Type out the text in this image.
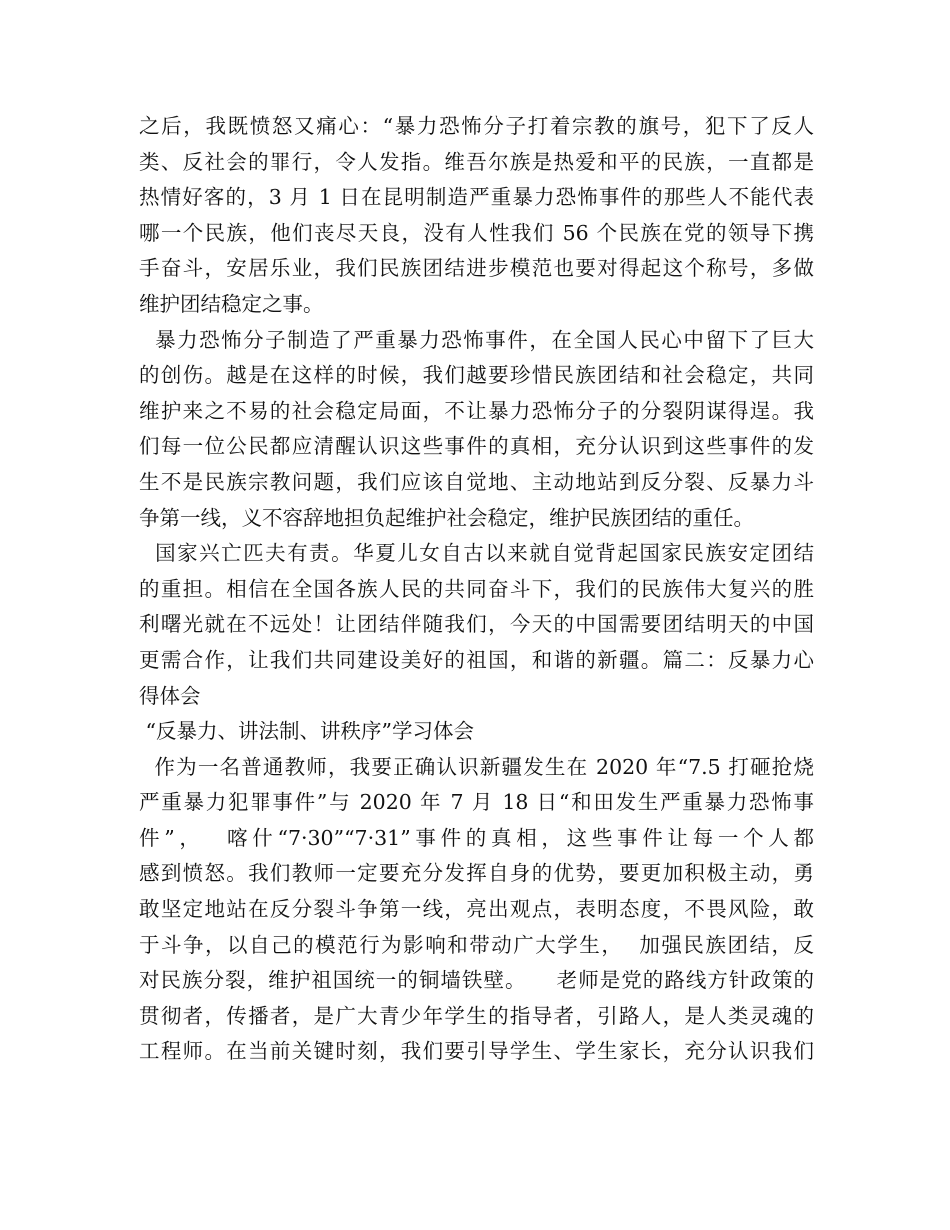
之后，我既愤怒又痛心：“暴力恐怖分子打着宗教的旗号，犯下了反人
类、反社会的罪行，令人发指。维吾尔族是热爱和平的民族，一直都是
热情好客的，3 月 1 日在昆明制造严重暴力恐怖事件的那些人不能代表
哪一个民族，他们丧尽天良，没有人性我们 56 个民族在党的领导下携
手奋斗，安居乐业，我们民族团结进步模范也要对得起这个称号，多做
维护团结稳定之事。
暴力恐怖分子制造了严重暴力恐怖事件，在全国人民心中留下了巨大
的创伤。越是在这样的时候，我们越要珍惜民族团结和社会稳定，共同
维护来之不易的社会稳定局面，不让暴力恐怖分子的分裂阴谋得逞。我
们每一位公民都应清醒认识这些事件的真相，充分认识到这些事件的发
生不是民族宗教问题，我们应该自觉地、主动地站到反分裂、反暴力斗
争第一线，义不容辞地担负起维护社会稳定，维护民族团结的重任。
国家兴亡匹夫有责。华夏儿女自古以来就自觉背起国家民族安定团结
的重担。相信在全国各族人民的共同奋斗下，我们的民族伟大复兴的胜
利曙光就在不远处！让团结伴随我们，今天的中国需要团结明天的中国
更需合作，让我们共同建设美好的祖国，和谐的新疆。篇二：反暴力心
得体会
“反暴力、讲法制、讲秩序”学习体会
作为一名普通教师，我要正确认识新疆发生在 2020 年“7.5 打砸抢烧
严重暴力犯罪事件”与 2020 年 7 月 18 日“和田发生严重暴力恐怖事
件”，  喀什“7·30”“7·31”事件的真相，这些事件让每一个人都
感到愤怒。我们教师一定要充分发挥自身的优势，要更加积极主动，勇
敢坚定地站在反分裂斗争第一线，亮出观点，表明态度，不畏风险，敢
于斗争，以自己的模范行为影响和带动广大学生，  加强民族团结，反
对民族分裂，维护祖国统一的铜墙铁壁。    老师是党的路线方针政策的
贯彻者，传播者，是广大青少年学生的指导者，引路人，是人类灵魂的
工程师。在当前关键时刻，我们要引导学生、学生家长，充分认识我们
